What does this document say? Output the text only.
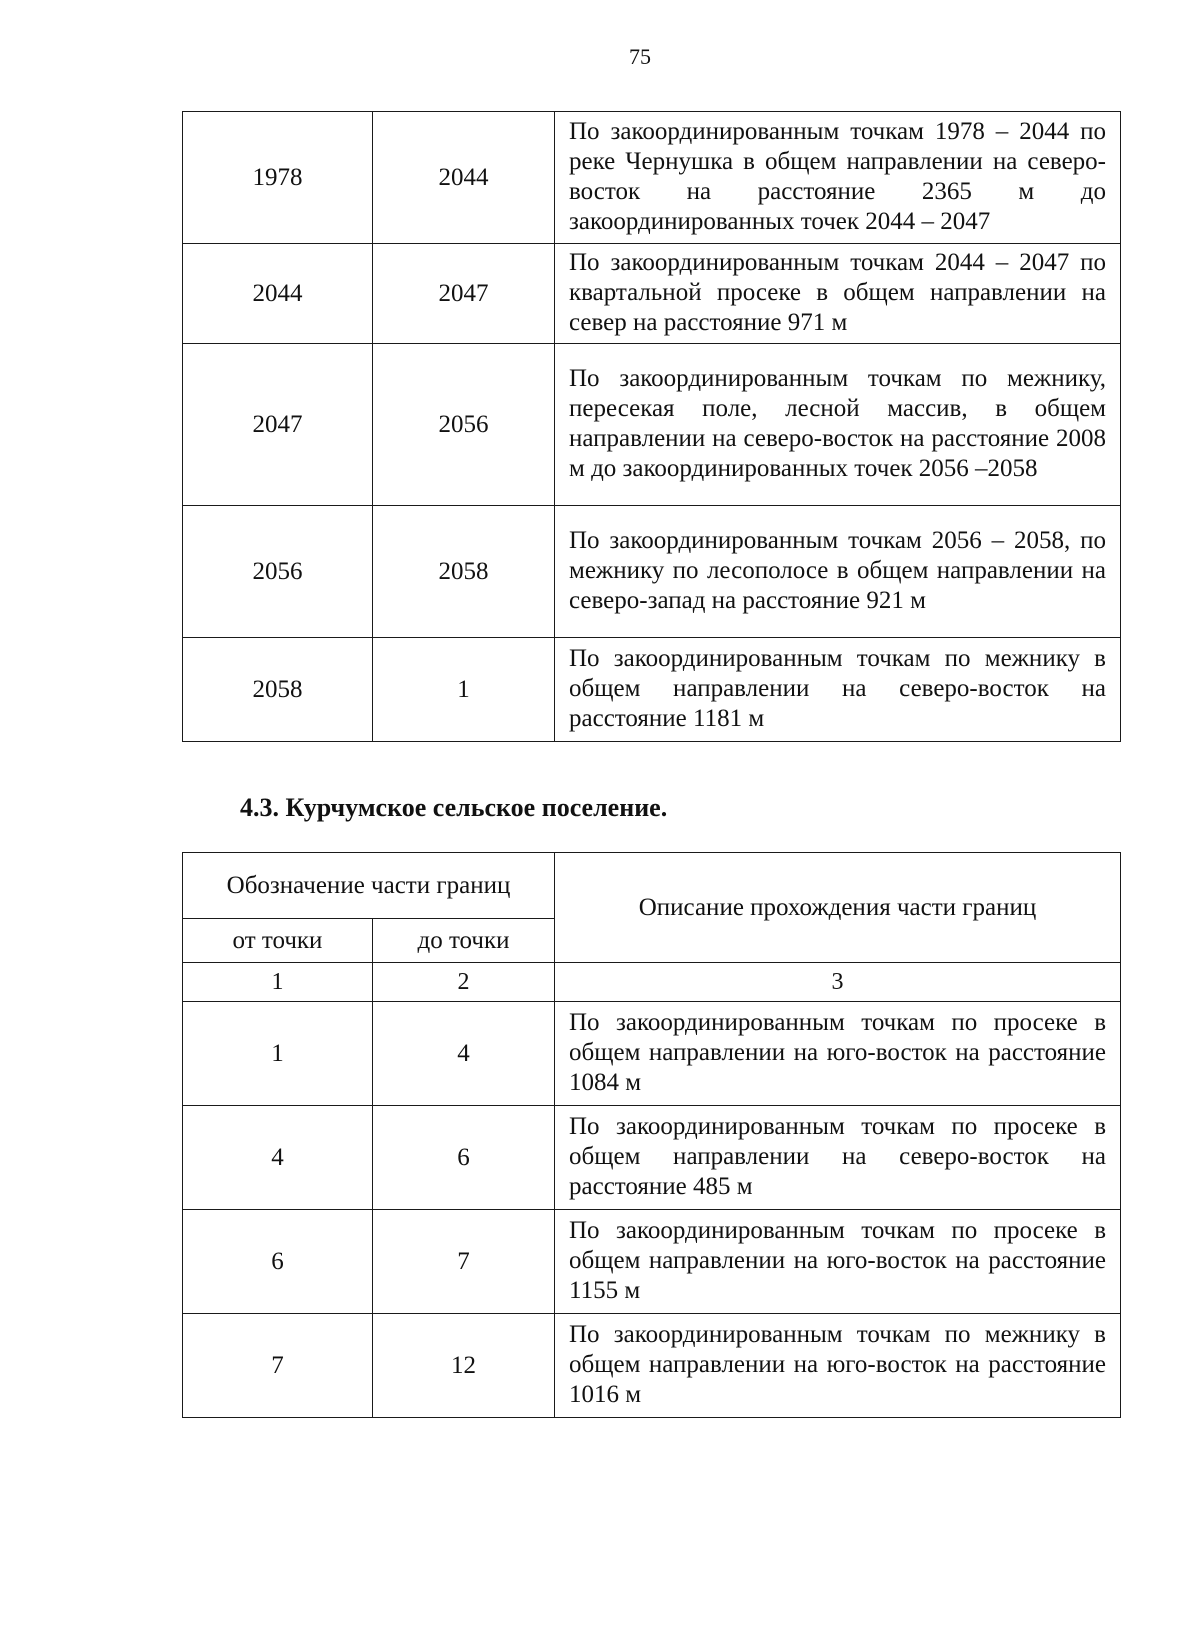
75
1978	2044	По закоординированным точкам 1978 – 2044 по реке Чернушка в общем направлении на северо- восток на расстояние 2365 м до закоординированных точек 2044 – 2047
2044	2047	По закоординированным точкам 2044 – 2047 по квартальной просеке в общем направлении на север на расстояние 971 м
2047	2056	По закоординированным точкам по межнику, пересекая поле, лесной массив, в общем направлении на северо-восток на расстояние 2008 м до закоординированных точек 2056 –2058
2056	2058	По закоординированным точкам 2056 – 2058, по межнику по лесополосе в общем направлении на северо-запад на расстояние 921 м
2058	1	По закоординированным точкам по межнику в общем направлении на северо-восток на расстояние 1181 м
4.3. Курчумское сельское поселение.
Обозначение части границ		Описание прохождения части границ
от точки	до точки	
1	2	3
1	4	По закоординированным точкам по просеке в общем направлении на юго-восток на расстояние 1084 м
4	6	По закоординированным точкам по просеке в общем направлении на северо-восток на расстояние 485 м
6	7	По закоординированным точкам по просеке в общем направлении на юго-восток на расстояние 1155 м
7	12	По закоординированным точкам по межнику в общем направлении на юго-восток на расстояние 1016 м
